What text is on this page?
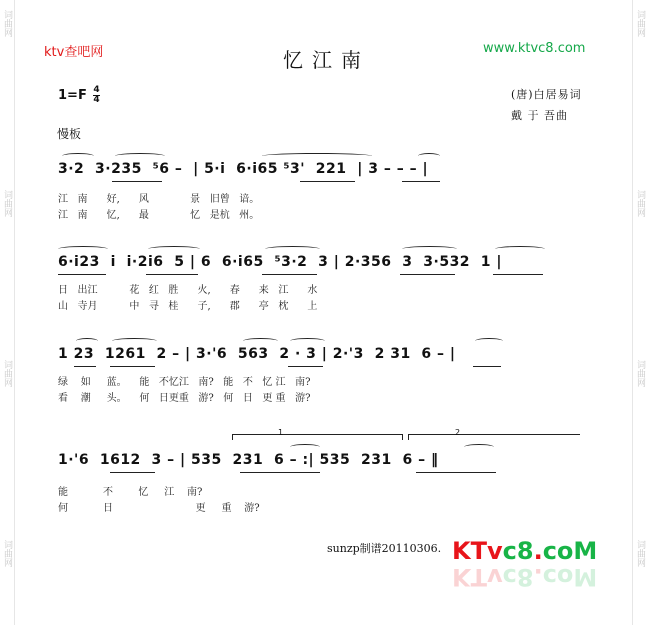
词曲网
词曲网
词曲网
词曲网
词曲网
词曲网
词曲网
词曲网
ktv查吧网	www.ktvc8.com
忆江南
$1=F \frac{4}{4}$	(唐)白居易词
戴 于 吾曲
慢板
3·2  3·235  ⁵6 –  | 5·i  6·i65 ⁵3'  221  | 3 – – – |
江   南      好,      风             景   旧曾   谙。
江   南      忆,      最             忆   是杭   州。
6·i23  i  i·2i6  5 | 6  6·i65  ⁵3·2  3 | 2·356  3  3·532  1 |
日   出江          花   红   胜      火,      春      来   江      水
山   寺月          中   寻   桂      子,      郡      亭   枕      上
1 23  1261  2 – | 3·'6  563  2 · 3 | 2·'3  2 31  6 – |
绿    如     蓝。    能   不忆江   南?   能   不   忆 江   南?
看    潮     头。    何   日更重   游?   何   日   更 重   游?
1	2
1·'6  1612  3 – | 535  231  6 – :| 535  231  6 – ‖
能           不        忆     江    南?
何           日                          更     重    游?
sunzp制谱20110306. KTvc8.coM
KTvc8.coM
